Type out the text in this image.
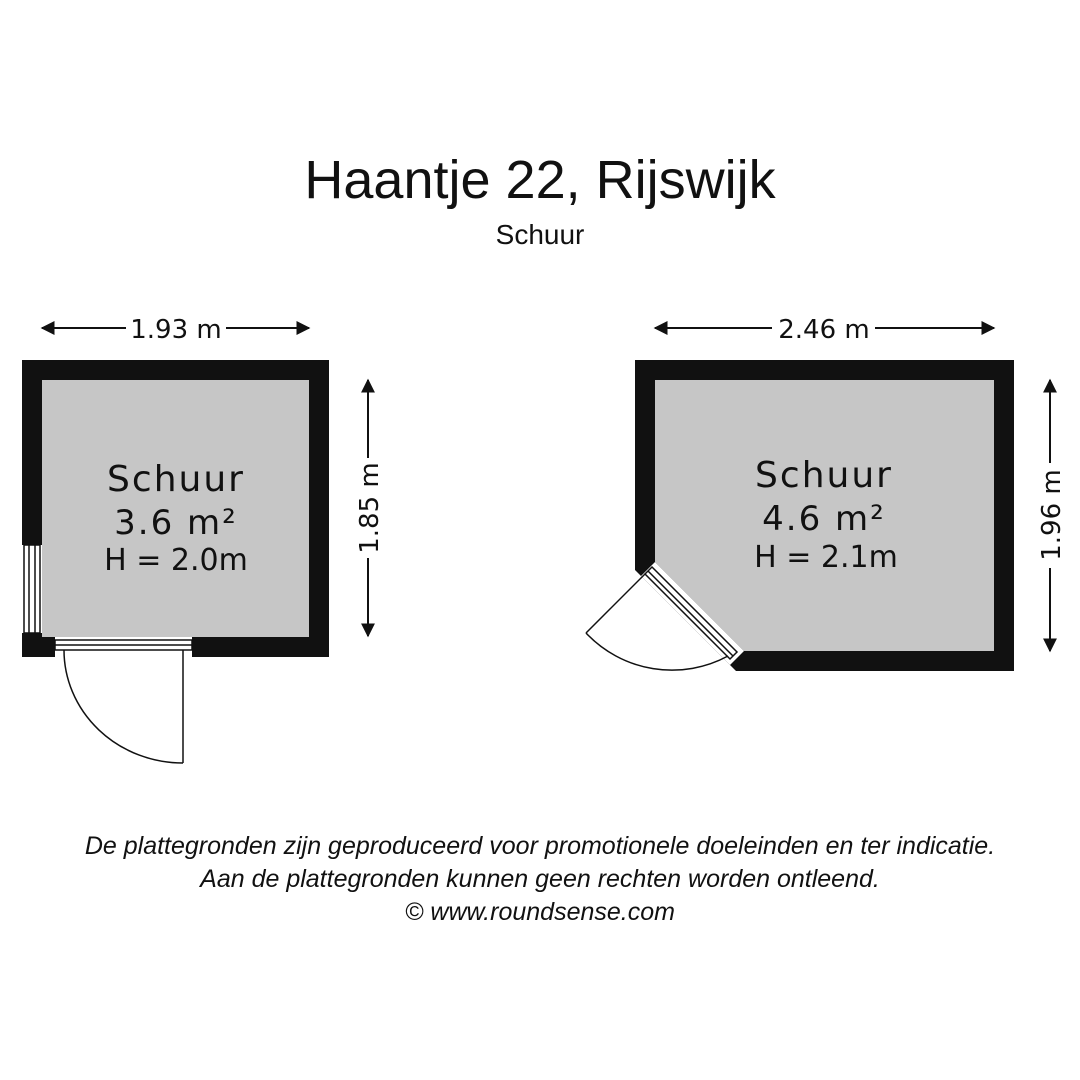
Haantje 22, Rijswijk
Schuur
Schuur
3.6 m²
H = 2.0m
1.93 m
1.85 m	Schuur
4.6 m²
H = 2.1m
2.46 m
1.96 m
De plattegronden zijn geproduceerd voor promotionele doeleinden en ter indicatie.
Aan de plattegronden kunnen geen rechten worden ontleend.
© www.roundsense.com
